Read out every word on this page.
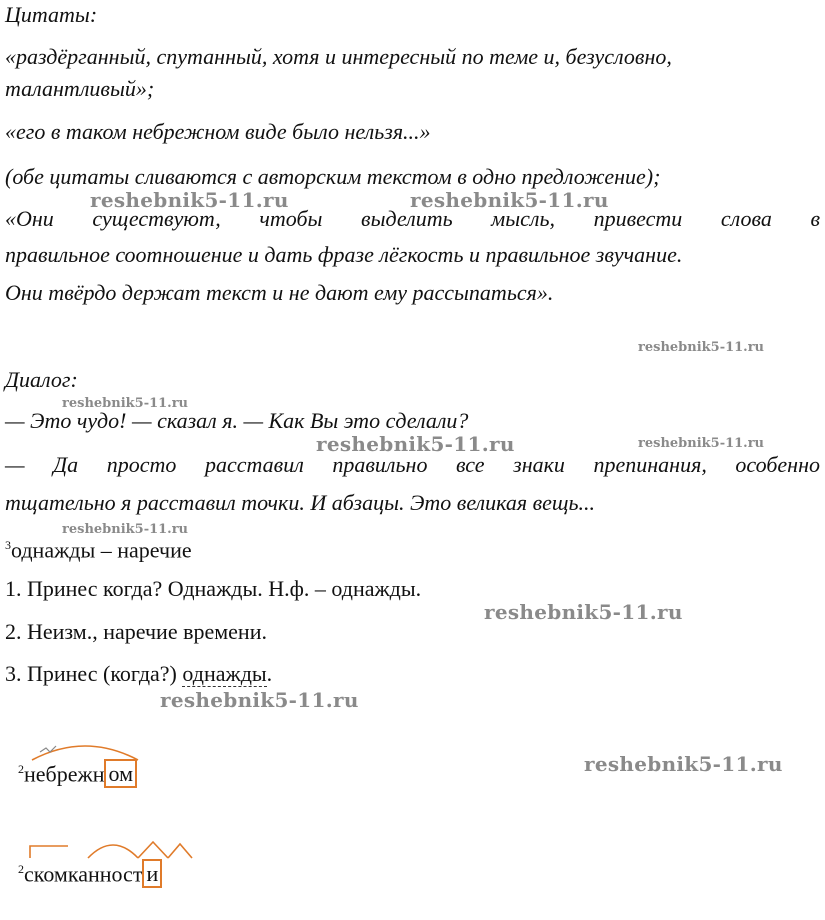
Цитаты:
«раздёрганный, спутанный, хотя и интересный по теме и, безусловно,
талантливый»;
«его в таком небрежном виде было нельзя...»
(обе цитаты сливаются с авторским текстом в одно предложение);
«Они существуют, чтобы выделить мысль, привести слова в
правильное соотношение и дать фразе лёгкость и правильное звучание.
Они твёрдо держат текст и не дают ему рассыпаться».
Диалог:
— Это чудо! — сказал я. — Как Вы это сделали?
— Да просто расставил правильно все знаки препинания, особенно
тщательно я расставил точки. И абзацы. Это великая вещь...
$^3$однажды – наречие
1. Принес когда? Однажды. Н.ф. – однажды.
2. Неизм., наречие времени.
3. Принес (когда?) однажды.
$^2$небрежн ом
$^2$скомканност и
reshebnik5-11.ru	reshebnik5-11.ru
reshebnik5-11.ru
reshebnik5-11.ru
reshebnik5-11.ru	reshebnik5-11.ru
reshebnik5-11.ru
reshebnik5-11.ru
reshebnik5-11.ru
reshebnik5-11.ru
